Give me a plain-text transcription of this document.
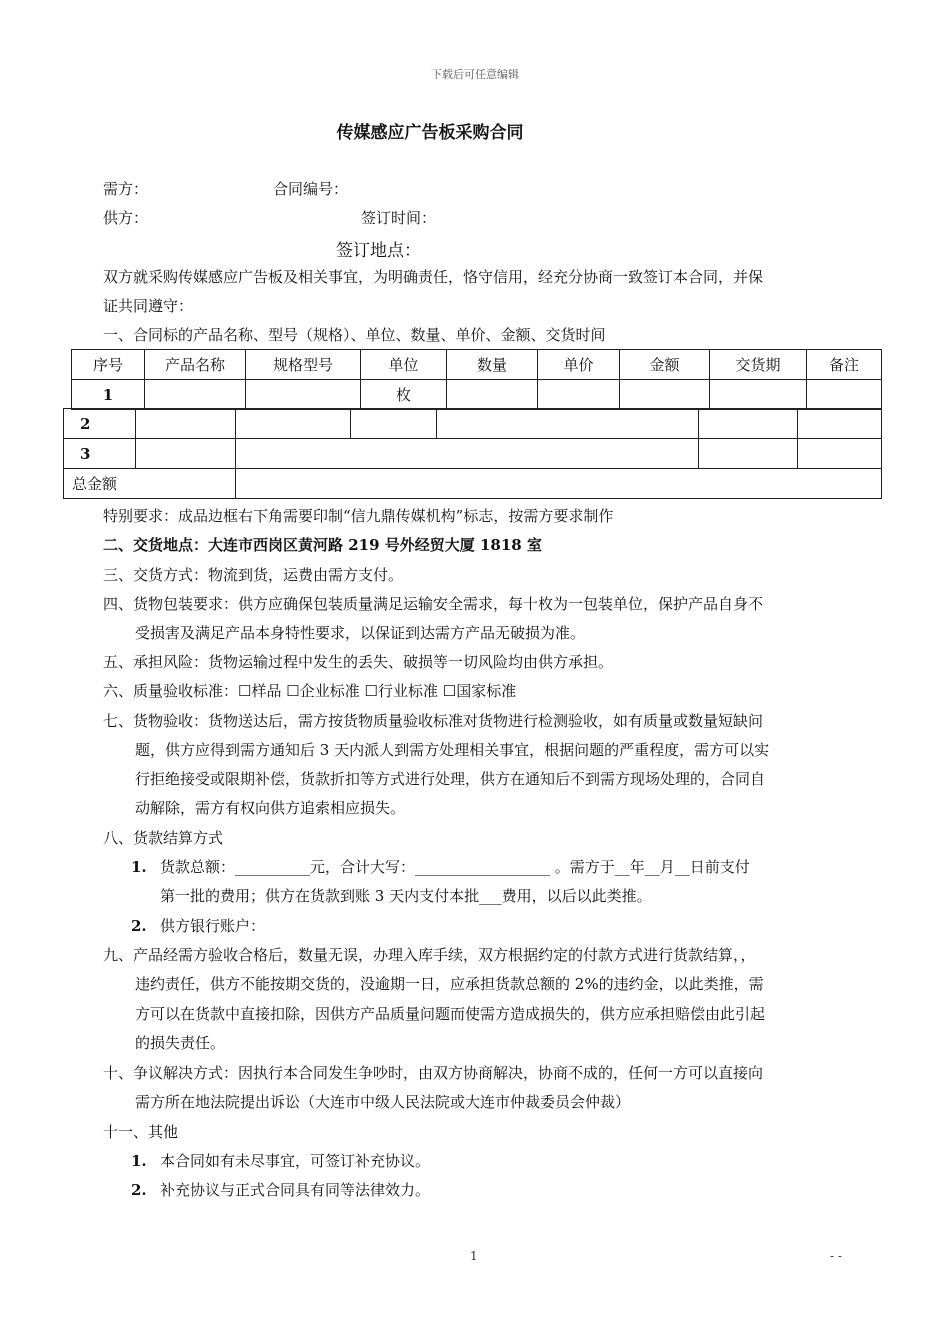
下载后可任意编辑
传媒感应广告板采购合同
需方：	合同编号：
供方：	签订时间：
签订地点：
双方就采购传媒感应广告板及相关事宜，为明确责任，恪守信用，经充分协商一致签订本合同，并保
证共同遵守：
一、合同标的产品名称、型号（规格）、单位、数量、单价、金额、交货时间
序号	产品名称	规格型号	单位	数量	单价	金额	交货期	备注
1			枚					
2						
3						
总金额						
特别要求：成品边框右下角需要印制“信九鼎传媒机构”标志，按需方要求制作
二、交货地点：大连市西岗区黄河路 219 号外经贸大厦 1818 室
三、交货方式：物流到货，运费由需方支付。
四、货物包装要求：供方应确保包装质量满足运输安全需求，每十枚为一包装单位，保护产品自身不
受损害及满足产品本身特性要求，以保证到达需方产品无破损为准。
五、承担风险：货物运输过程中发生的丢失、破损等一切风险均由供方承担。
六、质量验收标准：☐样品 ☐企业标准 ☐行业标准 ☐国家标准
七、货物验收：货物送达后，需方按货物质量验收标准对货物进行检测验收，如有质量或数量短缺问
题，供方应得到需方通知后 3 天内派人到需方处理相关事宜，根据问题的严重程度，需方可以实
行拒绝接受或限期补偿，货款折扣等方式进行处理，供方在通知后不到需方现场处理的，合同自
动解除，需方有权向供方追索相应损失。
八、货款结算方式
1. 货款总额：__________元，合计大写：__________________ 。需方于__年__月__日前支付
第一批的费用；供方在货款到账 3 天内支付本批___费用，以后以此类推。
2. 供方银行账户：
九、产品经需方验收合格后，数量无误，办理入库手续，双方根据约定的付款方式进行货款结算，，
违约责任，供方不能按期交货的，没逾期一日，应承担货款总额的 2%的违约金，以此类推，需
方可以在货款中直接扣除，因供方产品质量问题而使需方造成损失的，供方应承担赔偿由此引起
的损失责任。
十、争议解决方式：因执行本合同发生争吵时，由双方协商解决，协商不成的，任何一方可以直接向
需方所在地法院提出诉讼（大连市中级人民法院或大连市仲裁委员会仲裁）
十一、其他
1. 本合同如有未尽事宜，可签订补充协议。
2. 补充协议与正式合同具有同等法律效力。
1	- -
